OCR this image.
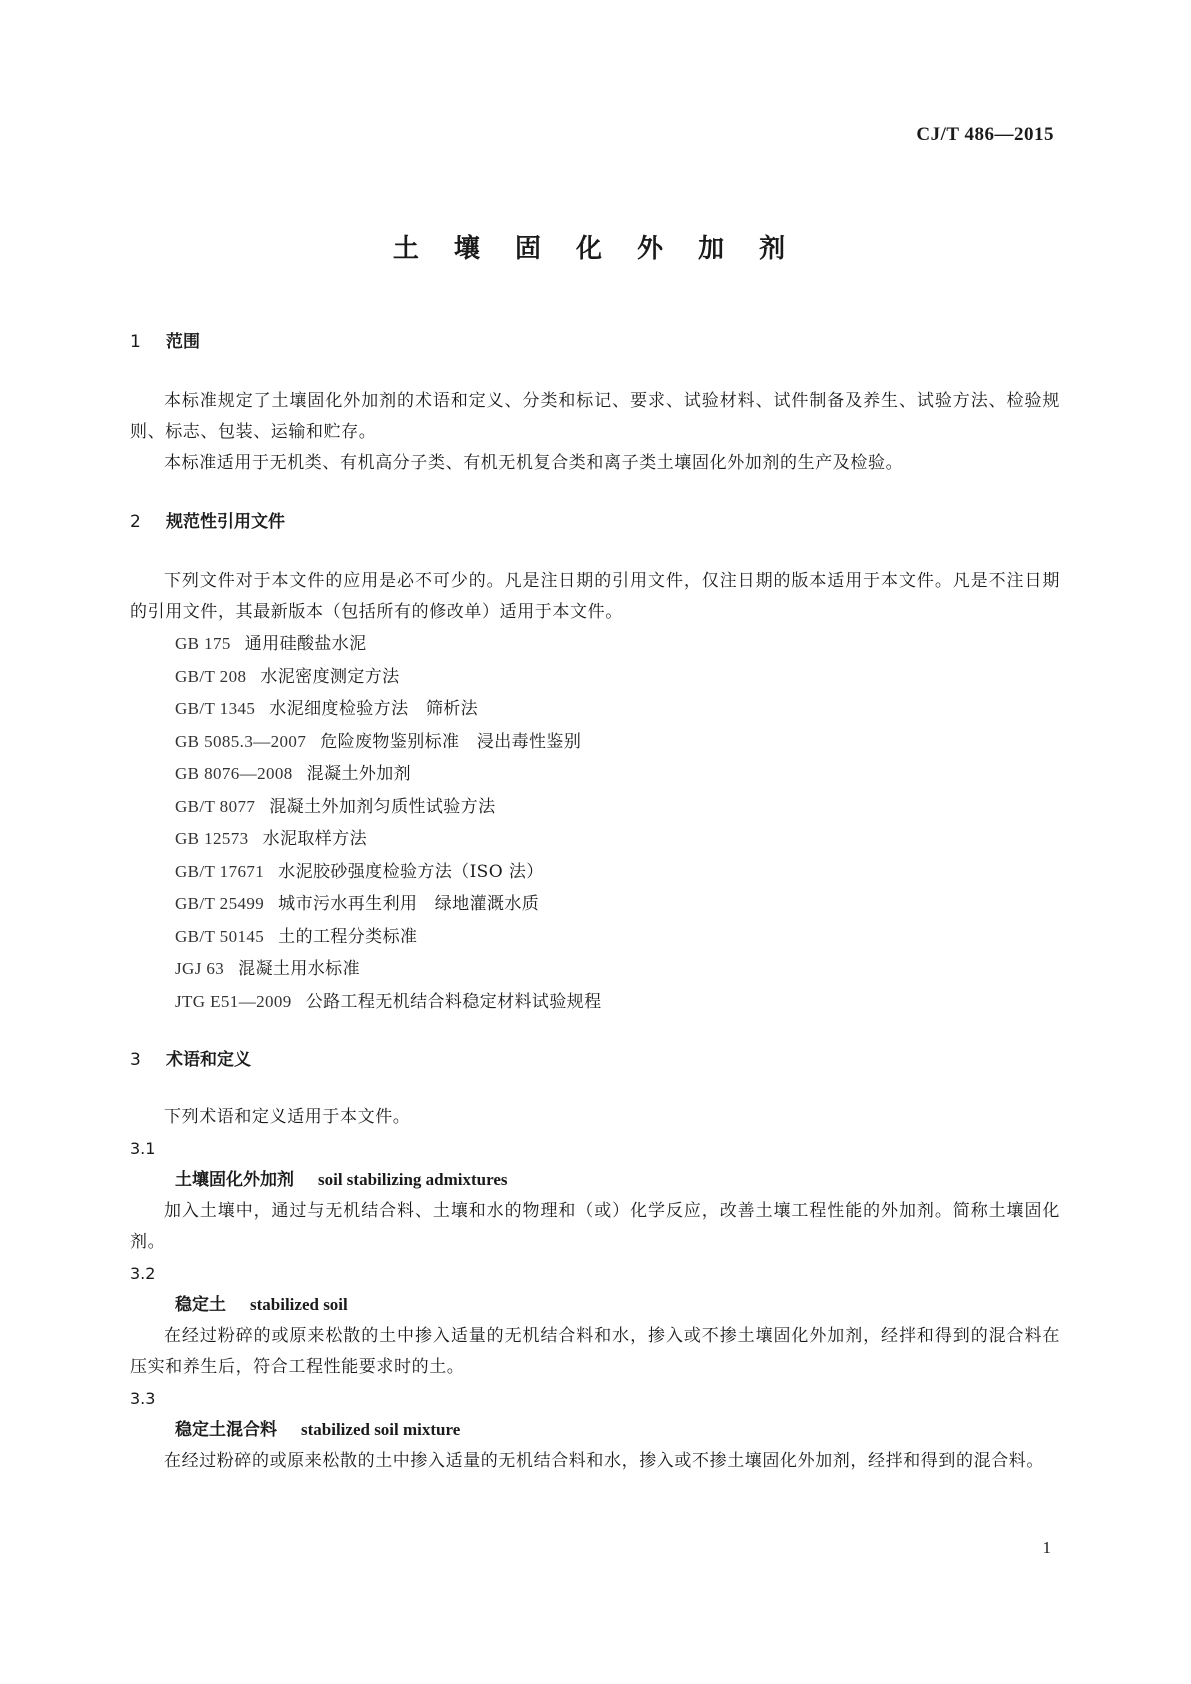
CJ/T 486—2015
土 壤 固 化 外 加 剂
1 范围
本标准规定了土壤固化外加剂的术语和定义、分类和标记、要求、试验材料、试件制备及养生、试验方法、检验规则、标志、包装、运输和贮存。
本标准适用于无机类、有机高分子类、有机无机复合类和离子类土壤固化外加剂的生产及检验。
2 规范性引用文件
下列文件对于本文件的应用是必不可少的。凡是注日期的引用文件，仅注日期的版本适用于本文件。凡是不注日期的引用文件，其最新版本（包括所有的修改单）适用于本文件。
GB 175 通用硅酸盐水泥
GB/T 208 水泥密度测定方法
GB/T 1345 水泥细度检验方法　筛析法
GB 5085.3—2007 危险废物鉴别标准　浸出毒性鉴别
GB 8076—2008 混凝土外加剂
GB/T 8077 混凝土外加剂匀质性试验方法
GB 12573 水泥取样方法
GB/T 17671 水泥胶砂强度检验方法（ISO 法）
GB/T 25499 城市污水再生利用　绿地灌溉水质
GB/T 50145 土的工程分类标准
JGJ 63 混凝土用水标准
JTG E51—2009 公路工程无机结合料稳定材料试验规程
3 术语和定义
下列术语和定义适用于本文件。
3.1
土壤固化外加剂 soil stabilizing admixtures
加入土壤中，通过与无机结合料、土壤和水的物理和（或）化学反应，改善土壤工程性能的外加剂。简称土壤固化剂。
3.2
稳定土 stabilized soil
在经过粉碎的或原来松散的土中掺入适量的无机结合料和水，掺入或不掺土壤固化外加剂，经拌和得到的混合料在压实和养生后，符合工程性能要求时的土。
3.3
稳定土混合料 stabilized soil mixture
在经过粉碎的或原来松散的土中掺入适量的无机结合料和水，掺入或不掺土壤固化外加剂，经拌和得到的混合料。
1
